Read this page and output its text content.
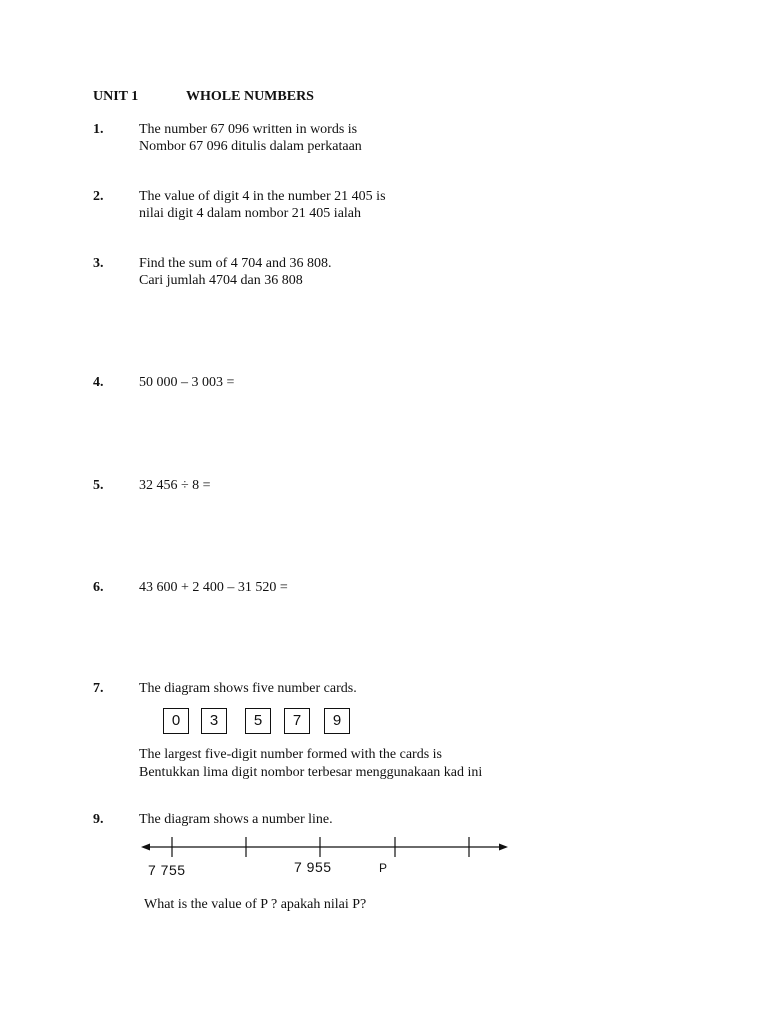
UNIT 1	WHOLE NUMBERS
1.	The number 67 096 written in words is
Nombor 67 096 ditulis dalam perkataan
2.	The value of digit 4 in the number 21 405 is
nilai digit 4 dalam nombor 21 405 ialah
3.	Find the sum of 4 704 and 36 808.
Cari jumlah 4704 dan 36 808
4.	50 000 – 3 003 =
5.	32 456 ÷ 8 =
6.	43 600 + 2 400 – 31 520 =
7.	The diagram shows five number cards.
0	3	5	7	9
The largest five-digit number formed with the cards is
Bentukkan lima digit nombor terbesar menggunakaan kad ini
9.	The diagram shows a number line.
7 755	7 955	P
What is the value of P ? apakah nilai P?
